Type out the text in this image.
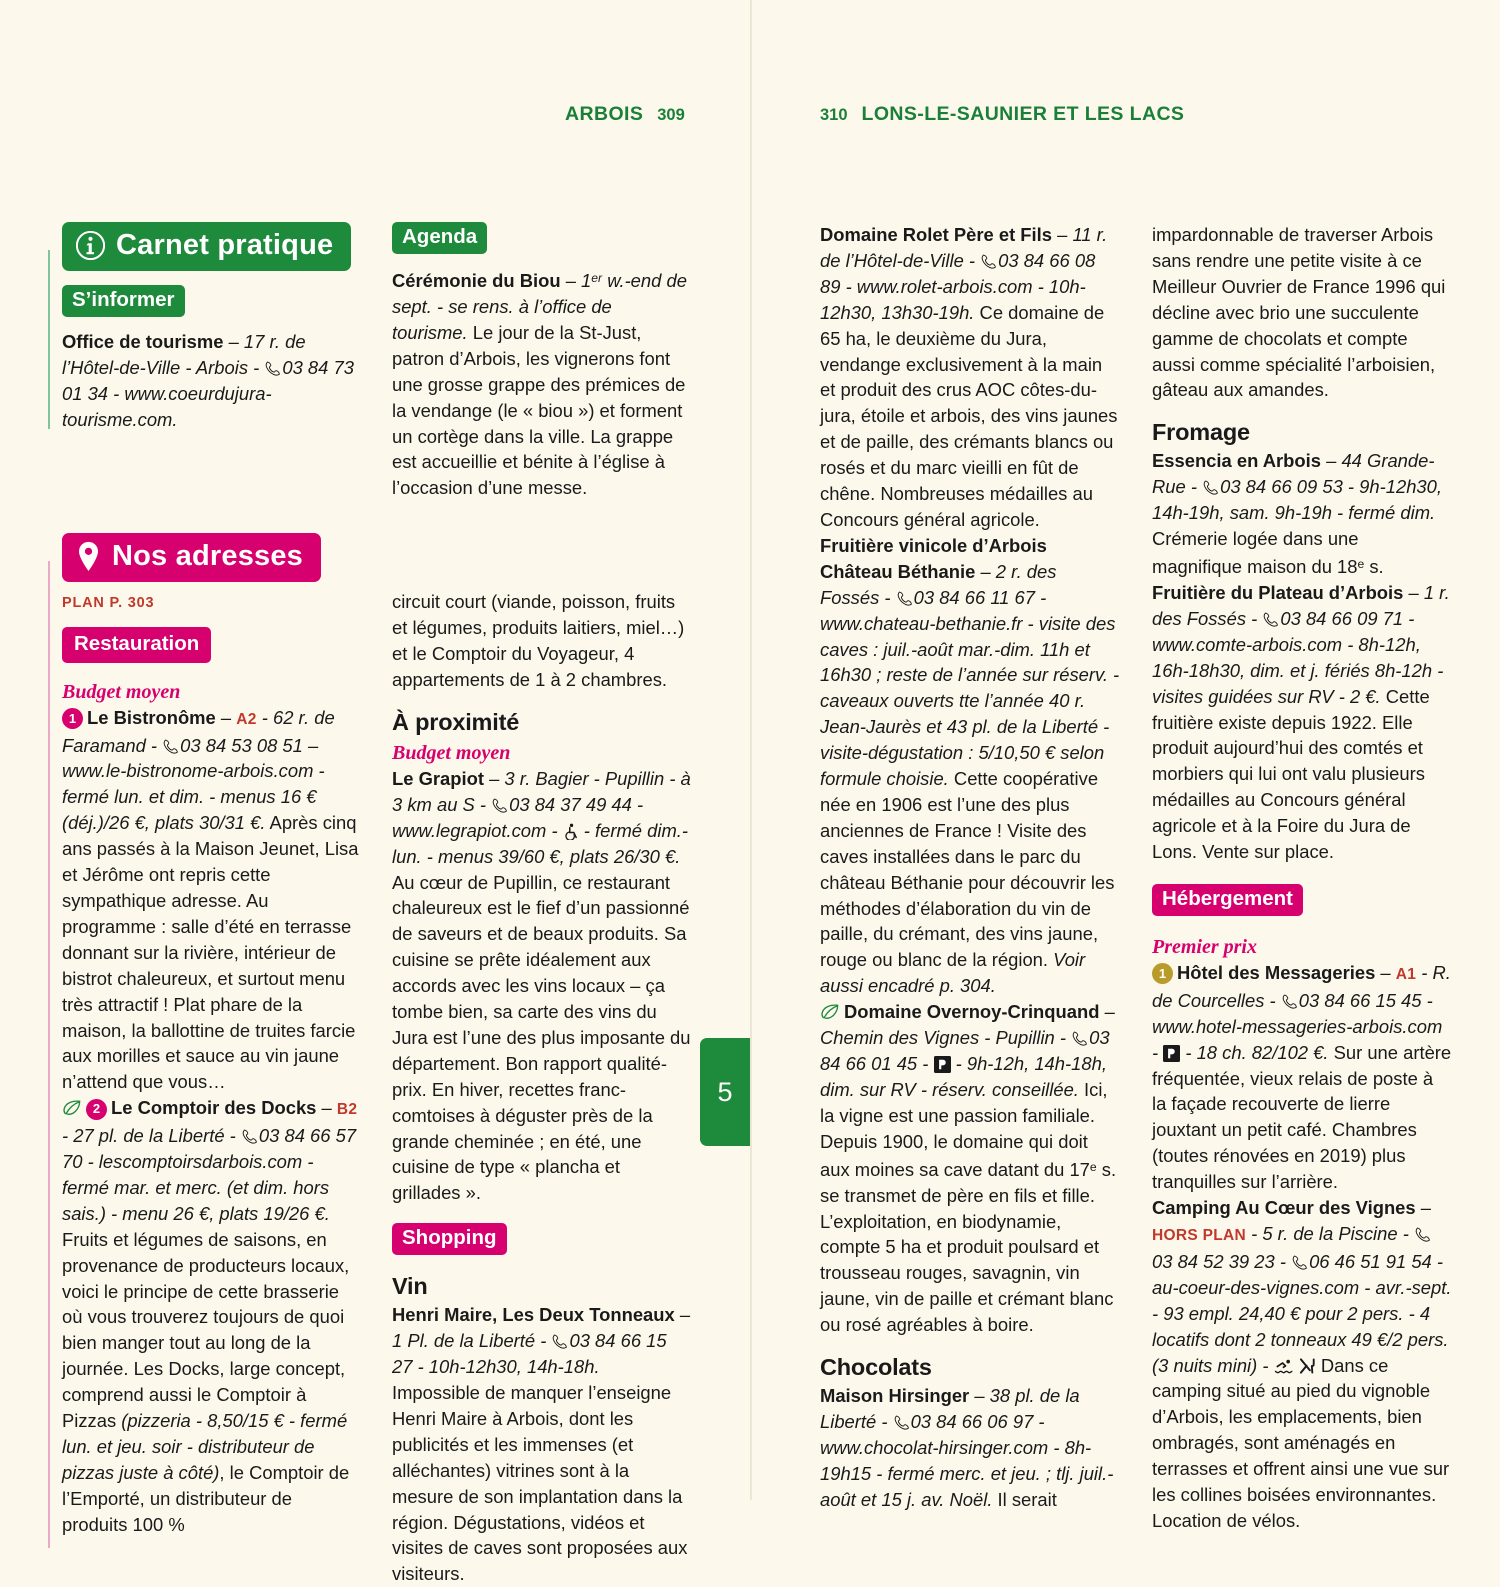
ARBOIS 309	310 LONS-LE-SAUNIER ET LES LACS
5
Carnet pratique
S’informer

Office de tourisme – 17 r. de l’Hôtel-de-Ville - Arbois - 03 84 73 01 34 - www.coeurdujura-tourisme.com.

Nos adresses
PLAN P. 303
Restauration
Budget moyen

1 Le Bistronôme – A2 - 62 r. de Faramand - 03 84 53 08 51 – www.le-bistronome-arbois.com - fermé lun. et dim. - menus 16 € (déj.)/26 €, plats 30/31 €. Après cinq ans passés à la Maison Jeunet, Lisa et Jérôme ont repris cette sympathique adresse. Au programme : salle d’été en terrasse donnant sur la rivière, intérieur de bistrot chaleureux, et surtout menu très attractif ! Plat phare de la maison, la ballottine de truites farcie aux morilles et sauce au vin jaune n’attend que vous…

2 Le Comptoir des Docks – B2 - 27 pl. de la Liberté - 03 84 66 57 70 - lescomptoirsdarbois.com - fermé mar. et merc. (et dim. hors sais.) - menu 26 €, plats 19/26 €. Fruits et légumes de saisons, en provenance de producteurs locaux, voici le principe de cette brasserie où vous trouverez toujours de quoi bien manger tout au long de la journée. Les Docks, large concept, comprend aussi le Comptoir à Pizzas (pizzeria - 8,50/15 € - fermé lun. et jeu. soir - distributeur de pizzas juste à côté), le Comptoir de l’Emporté, un distributeur de produits 100 %

Agenda

Cérémonie du Biou – 1er w.-end de sept. - se rens. à l’office de tourisme. Le jour de la St-Just, patron d’Arbois, les vignerons font une grosse grappe des prémices de la vendange (le « biou ») et forment un cortège dans la ville. La grappe est accueillie et bénite à l’église à l’occasion d’une messe.

circuit court (viande, poisson, fruits et légumes, produits laitiers, miel…) et le Comptoir du Voyageur, 4 appartements de 1 à 2 chambres.

À proximité
Budget moyen

Le Grapiot – 3 r. Bagier - Pupillin - à 3 km au S - 03 84 37 49 44 - www.legrapiot.com -  - fermé dim.-lun. - menus 39/60 €, plats 26/30 €. Au cœur de Pupillin, ce restaurant chaleureux est le fief d’un passionné de saveurs et de beaux produits. Sa cuisine se prête idéalement aux accords avec les vins locaux – ça tombe bien, sa carte des vins du Jura est l’une des plus imposante du département. Bon rapport qualité-prix. En hiver, recettes franc-comtoises à déguster près de la grande cheminée ; en été, une cuisine de type « plancha et grillades ».

Shopping
Vin

Henri Maire, Les Deux Tonneaux – 1 Pl. de la Liberté - 03 84 66 15 27 - 10h-12h30, 14h-18h. Impossible de manquer l’enseigne Henri Maire à Arbois, dont les publicités et les immenses (et alléchantes) vitrines sont à la mesure de son implantation dans la région. Dégustations, vidéos et visites de caves sont proposées aux visiteurs.

Domaine Rolet Père et Fils – 11 r. de l’Hôtel-de-Ville - 03 84 66 08 89 - www.rolet-arbois.com - 10h-12h30, 13h30-19h. Ce domaine de 65 ha, le deuxième du Jura, vendange exclusivement à la main et produit des crus AOC côtes-du-jura, étoile et arbois, des vins jaunes et de paille, des crémants blancs ou rosés et du marc vieilli en fût de chêne. Nombreuses médailles au Concours général agricole.

Fruitière vinicole d’Arbois Château Béthanie – 2 r. des Fossés - 03 84 66 11 67 - www.chateau-bethanie.fr - visite des caves : juil.-août mar.-dim. 11h et 16h30 ; reste de l’année sur réserv. - caveaux ouverts tte l’année 40 r. Jean-Jaurès et 43 pl. de la Liberté - visite-dégustation : 5/10,50 € selon formule choisie. Cette coopérative née en 1906 est l’une des plus anciennes de France ! Visite des caves installées dans le parc du château Béthanie pour découvrir les méthodes d’élaboration du vin de paille, du crémant, des vins jaune, rouge ou blanc de la région. Voir aussi encadré p. 304.

Domaine Overnoy-Crinquand – Chemin des Vignes - Pupillin - 03 84 66 01 45 -  - 9h-12h, 14h-18h, dim. sur RV - réserv. conseillée. Ici, la vigne est une passion familiale. Depuis 1900, le domaine qui doit aux moines sa cave datant du 17e s. se transmet de père en fils et fille. L’exploitation, en biodynamie, compte 5 ha et produit poulsard et trousseau rouges, savagnin, vin jaune, vin de paille et crémant blanc ou rosé agréables à boire.

Chocolats

Maison Hirsinger – 38 pl. de la Liberté - 03 84 66 06 97 - www.chocolat-hirsinger.com - 8h-19h15 - fermé merc. et jeu. ; tlj. juil.-août et 15 j. av. Noël. Il serait

impardonnable de traverser Arbois sans rendre une petite visite à ce Meilleur Ouvrier de France 1996 qui décline avec brio une succulente gamme de chocolats et compte aussi comme spécialité l’arboisien, gâteau aux amandes.

Fromage

Essencia en Arbois – 44 Grande-Rue - 03 84 66 09 53 - 9h-12h30, 14h-19h, sam. 9h-19h - fermé dim. Crémerie logée dans une magnifique maison du 18e s.

Fruitière du Plateau d’Arbois – 1 r. des Fossés - 03 84 66 09 71 - www.comte-arbois.com - 8h-12h, 16h-18h30, dim. et j. fériés 8h-12h - visites guidées sur RV - 2 €. Cette fruitière existe depuis 1922. Elle produit aujourd’hui des comtés et morbiers qui lui ont valu plusieurs médailles au Concours général agricole et à la Foire du Jura de Lons. Vente sur place.

Hébergement
Premier prix

1 Hôtel des Messageries – A1 - R. de Courcelles - 03 84 66 15 45 - www.hotel-messageries-arbois.com -  - 18 ch. 82/102 €. Sur une artère fréquentée, vieux relais de poste à la façade recouverte de lierre jouxtant un petit café. Chambres (toutes rénovées en 2019) plus tranquilles sur l’arrière.

Camping Au Cœur des Vignes – HORS PLAN - 5 r. de la Piscine - 03 84 52 39 23 - 06 46 51 91 54 - au-coeur-des-vignes.com - avr.-sept. - 93 empl. 24,40 € pour 2 pers. - 4 locatifs dont 2 tonneaux 49 €/2 pers. (3 nuits mini) -   Dans ce camping situé au pied du vignoble d’Arbois, les emplacements, bien ombragés, sont aménagés en terrasses et offrent ainsi une vue sur les collines boisées environnantes. Location de vélos.
